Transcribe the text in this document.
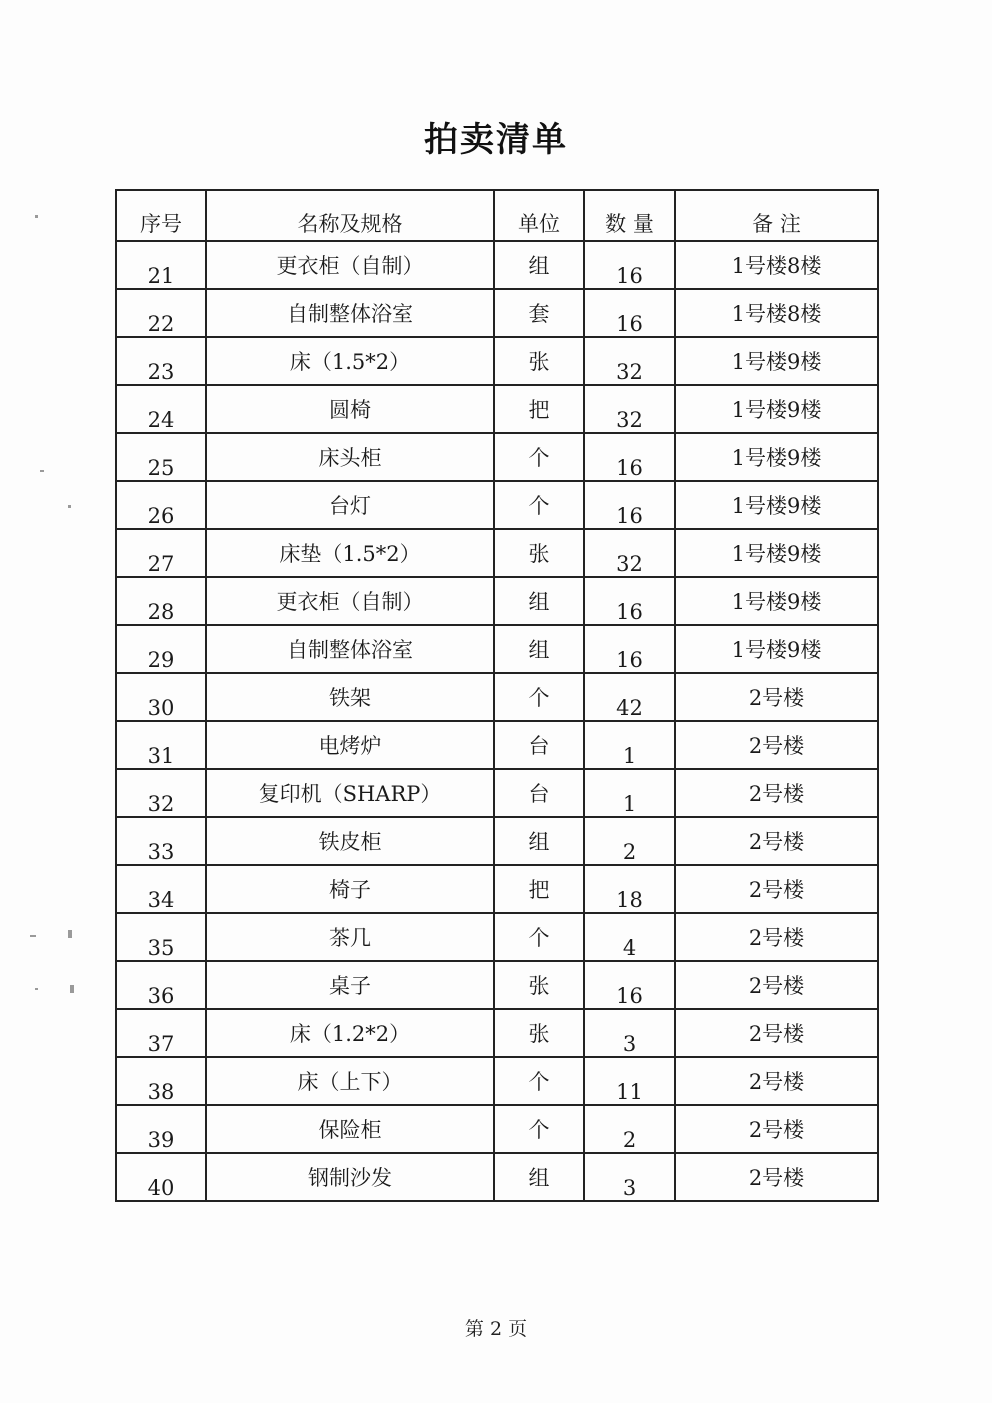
拍卖清单
序号	名称及规格	单位	数 量	备 注
21	更衣柜（自制）	组	16	1号楼8楼
22	自制整体浴室	套	16	1号楼8楼
23	床（1.5*2）	张	32	1号楼9楼
24	圆椅	把	32	1号楼9楼
25	床头柜	个	16	1号楼9楼
26	台灯	个	16	1号楼9楼
27	床垫（1.5*2）	张	32	1号楼9楼
28	更衣柜（自制）	组	16	1号楼9楼
29	自制整体浴室	组	16	1号楼9楼
30	铁架	个	42	2号楼
31	电烤炉	台	1	2号楼
32	复印机（SHARP）	台	1	2号楼
33	铁皮柜	组	2	2号楼
34	椅子	把	18	2号楼
35	茶几	个	4	2号楼
36	桌子	张	16	2号楼
37	床（1.2*2）	张	3	2号楼
38	床（上下）	个	11	2号楼
39	保险柜	个	2	2号楼
40	钢制沙发	组	3	2号楼
第 2 页
